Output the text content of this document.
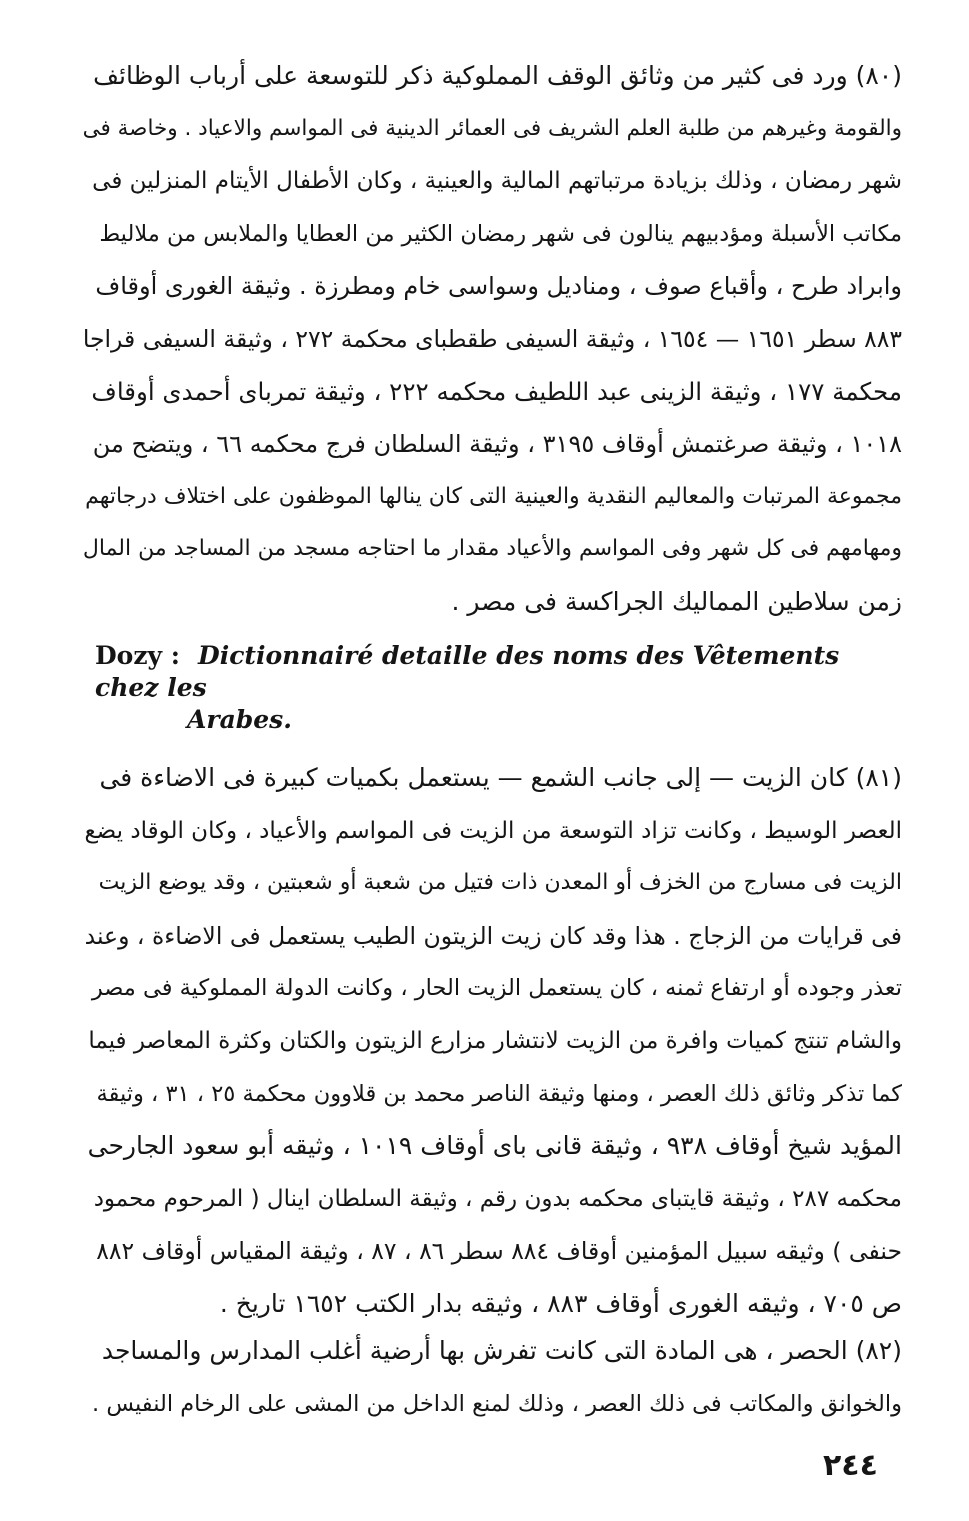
(٨٠) ورد فى كثير من وثائق الوقف المملوكية ذكر للتوسعة على أرباب الوظائف
والقومة وغيرهم من طلبة العلم الشريف فى العمائر الدينية فى المواسم والاعياد . وخاصة فى
شهر رمضان ، وذلك بزيادة مرتباتهم المالية والعينية ، وكان الأطفال الأيتام المنزلين فى
مكاتب الأسبلة ومؤدبيهم ينالون فى شهر رمضان الكثير من العطايا والملابس من ملاليط
وابراد طرح ، وأقباع صوف ، ومناديل وسواسى خام ومطرزة . وثيقة الغورى أوقاف
٨٨٣ سطر ١٦٥١ — ١٦٥٤ ، وثيقة السيفى طقطباى محكمة ٢٧٢ ، وثيقة السيفى قراجا
محكمة ١٧٧ ، وثيقة الزينى عبد اللطيف محكمه ٢٢٢ ، وثيقة تمرباى أحمدى أوقاف
١٠١٨ ، وثيقة صرغتمش أوقاف ٣١٩٥ ، وثيقة السلطان فرج محكمه ٦٦ ، ويتضح من
مجموعة المرتبات والمعاليم النقدية والعينية التى كان ينالها الموظفون على اختلاف درجاتهم
ومهامهم فى كل شهر وفى المواسم والأعياد مقدار ما احتاجه مسجد من المساجد من المال
زمن سلاطين المماليك الجراكسة فى مصر .
Dozy : Dictionnairé detaille des noms des Vêtements chez les
Arabes.
(٨١) كان الزيت — إلى جانب الشمع — يستعمل بكميات كبيرة فى الاضاءة فى
العصر الوسيط ، وكانت تزاد التوسعة من الزيت فى المواسم والأعياد ، وكان الوقاد يضع
الزيت فى مسارج من الخزف أو المعدن ذات فتيل من شعبة أو شعبتين ، وقد يوضع الزيت
فى قرايات من الزجاج . هذا وقد كان زيت الزيتون الطيب يستعمل فى الاضاءة ، وعند
تعذر وجوده أو ارتفاع ثمنه ، كان يستعمل الزيت الحار ، وكانت الدولة المملوكية فى مصر
والشام تنتج كميات وافرة من الزيت لانتشار مزارع الزيتون والكتان وكثرة المعاصر فيما
كما تذكر وثائق ذلك العصر ، ومنها وثيقة الناصر محمد بن قلاوون محكمة ٢٥ ، ٣١ ، وثيقة
المؤيد شيخ أوقاف ٩٣٨ ، وثيقة قانى باى أوقاف ١٠١٩ ، وثيقه أبو سعود الجارحى
محكمه ٢٨٧ ، وثيقة قايتباى محكمه بدون رقم ، وثيقة السلطان اينال ( المرحوم محمود
حنفى ) وثيقه سبيل المؤمنين أوقاف ٨٨٤ سطر ٨٦ ، ٨٧ ، وثيقة المقياس أوقاف ٨٨٢
ص ٧٠٥ ، وثيقه الغورى أوقاف ٨٨٣ ، وثيقه بدار الكتب ١٦٥٢ تاريخ .
(٨٢) الحصر ، هى المادة التى كانت تفرش بها أرضية أغلب المدارس والمساجد
والخوانق والمكاتب فى ذلك العصر ، وذلك لمنع الداخل من المشى على الرخام النفيس .
٢٤٤
